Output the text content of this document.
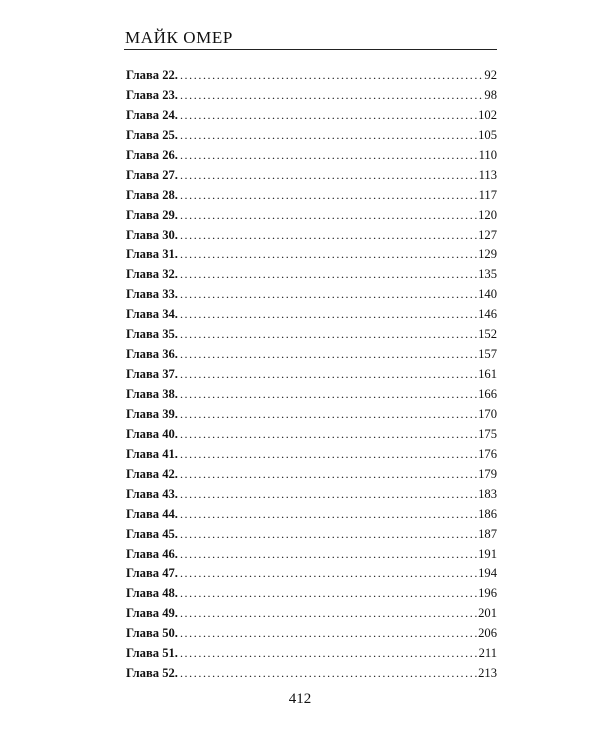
МАЙК ОМЕР
Глава 22. .....	92
Глава 23. .....	98
Глава 24. .....	102
Глава 25. .....	105
Глава 26. .....	110
Глава 27. .....	113
Глава 28. .....	117
Глава 29. .....	120
Глава 30. .....	127
Глава 31. .....	129
Глава 32. .....	135
Глава 33. .....	140
Глава 34. .....	146
Глава 35. .....	152
Глава 36. .....	157
Глава 37. .....	161
Глава 38. .....	166
Глава 39. .....	170
Глава 40. .....	175
Глава 41. .....	176
Глава 42. .....	179
Глава 43. .....	183
Глава 44. .....	186
Глава 45. .....	187
Глава 46. .....	191
Глава 47. .....	194
Глава 48. .....	196
Глава 49. .....	201
Глава 50. .....	206
Глава 51. .....	211
Глава 52. .....	213
412
